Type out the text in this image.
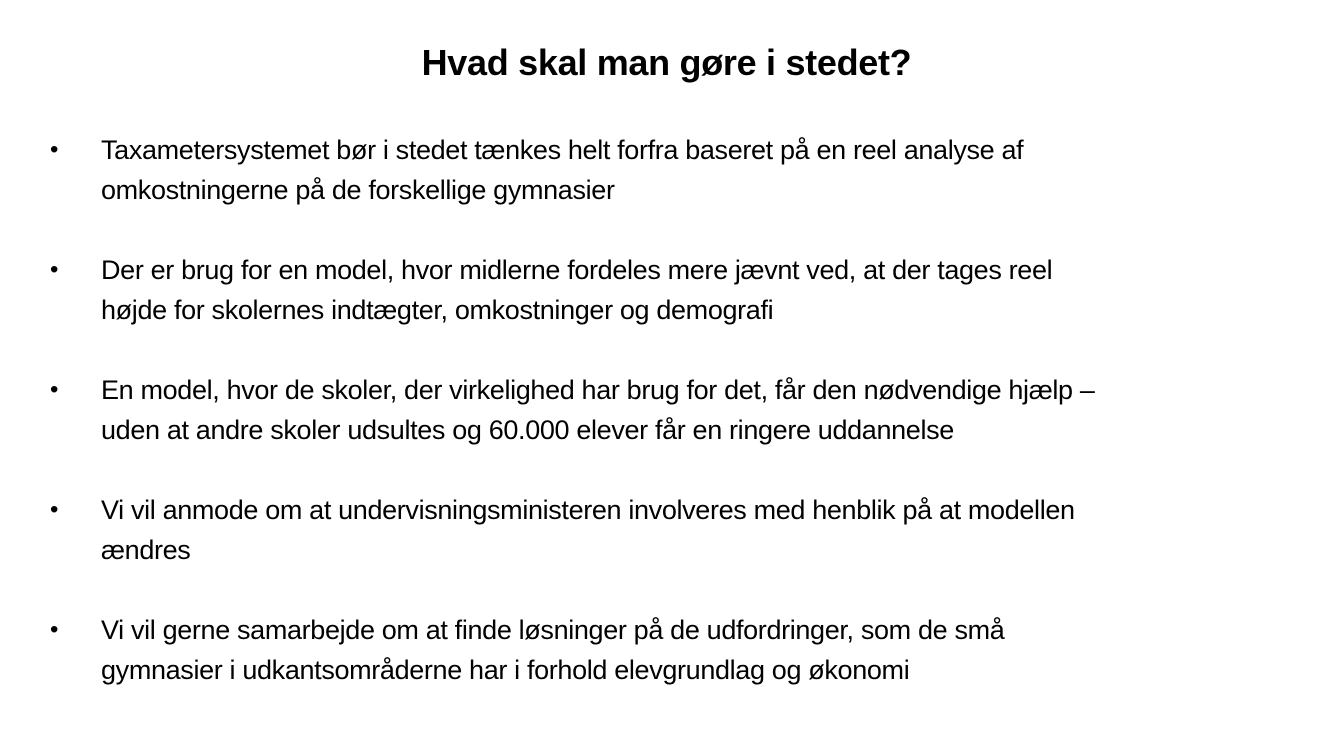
Hvad skal man gøre i stedet?
• Taxametersystemet bør i stedet tænkes helt forfra baseret på en reel analyse af
omkostningerne på de forskellige gymnasier
• Der er brug for en model, hvor midlerne fordeles mere jævnt ved, at der tages reel
højde for skolernes indtægter, omkostninger og demografi
• En model, hvor de skoler, der virkelighed har brug for det, får den nødvendige hjælp –
uden at andre skoler udsultes og 60.000 elever får en ringere uddannelse
• Vi vil anmode om at undervisningsministeren involveres med henblik på at modellen
ændres
• Vi vil gerne samarbejde om at finde løsninger på de udfordringer, som de små
gymnasier i udkantsområderne har i forhold elevgrundlag og økonomi
